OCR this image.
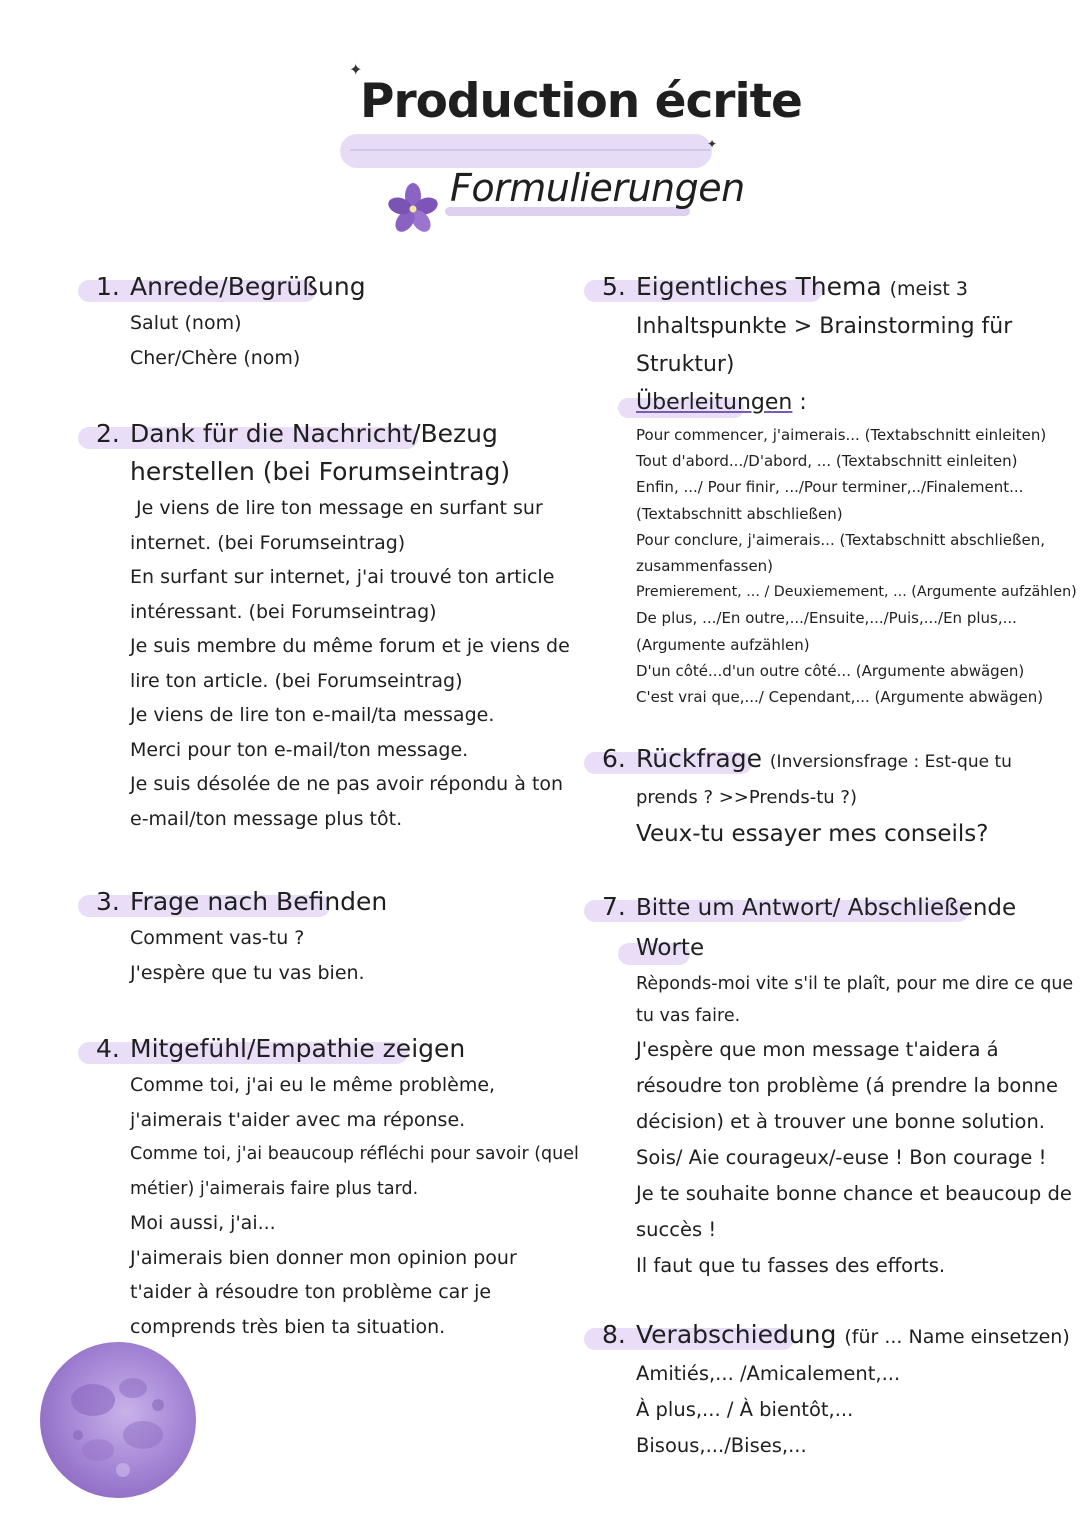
✦
Production écrite
✦
Formulierungen
1. Anrede/Begrüßung
Salut (nom)
Cher/Chère (nom)
2. Dank für die Nachricht/Bezug
herstellen (bei Forumseintrag)
Je viens de lire ton message en surfant sur
internet. (bei Forumseintrag)
En surfant sur internet, j'ai trouvé ton article
intéressant. (bei Forumseintrag)
Je suis membre du même forum et je viens de
lire ton article. (bei Forumseintrag)
Je viens de lire ton e-mail/ta message.
Merci pour ton e-mail/ton message.
Je suis désolée de ne pas avoir répondu à ton
e-mail/ton message plus tôt.
3. Frage nach Befinden
Comment vas-tu ?
J'espère que tu vas bien.
4. Mitgefühl/Empathie zeigen
Comme toi, j'ai eu le même problème,
j'aimerais t'aider avec ma réponse.
Comme toi, j'ai beaucoup réfléchi pour savoir (quel
métier) j'aimerais faire plus tard.
Moi aussi, j'ai...
J'aimerais bien donner mon opinion pour
t'aider à résoudre ton problème car je
comprends très bien ta situation.
5. Eigentliches Thema (meist 3
Inhaltspunkte > Brainstorming für
Struktur)
Überleitungen :
Pour commencer, j'aimerais... (Textabschnitt einleiten)
Tout d'abord.../D'abord, ... (Textabschnitt einleiten)
Enfin, .../ Pour finir, .../Pour terminer,../Finalement...
(Textabschnitt abschließen)
Pour conclure, j'aimerais... (Textabschnitt abschließen,
zusammenfassen)
Premierement, ... / Deuxiemement, ... (Argumente aufzählen)
De plus, .../En outre,.../Ensuite,.../Puis,.../En plus,...
(Argumente aufzählen)
D'un côté...d'un outre côté... (Argumente abwägen)
C'est vrai que,.../ Cependant,... (Argumente abwägen)
6. Rückfrage (Inversionsfrage : Est-que tu
prends ? >>Prends-tu ?)
Veux-tu essayer mes conseils?
7. Bitte um Antwort/ Abschließende
Worte
Rèponds-moi vite s'il te plaît, pour me dire ce que
tu vas faire.
J'espère que mon message t'aidera á
résoudre ton problème (á prendre la bonne
décision) et à trouver une bonne solution.
Sois/ Aie courageux/-euse ! Bon courage !
Je te souhaite bonne chance et beaucoup de
succès !
Il faut que tu fasses des efforts.
8. Verabschiedung (für ... Name einsetzen)
Amitiés,... /Amicalement,...
À plus,... / À bientôt,...
Bisous,.../Bises,...
